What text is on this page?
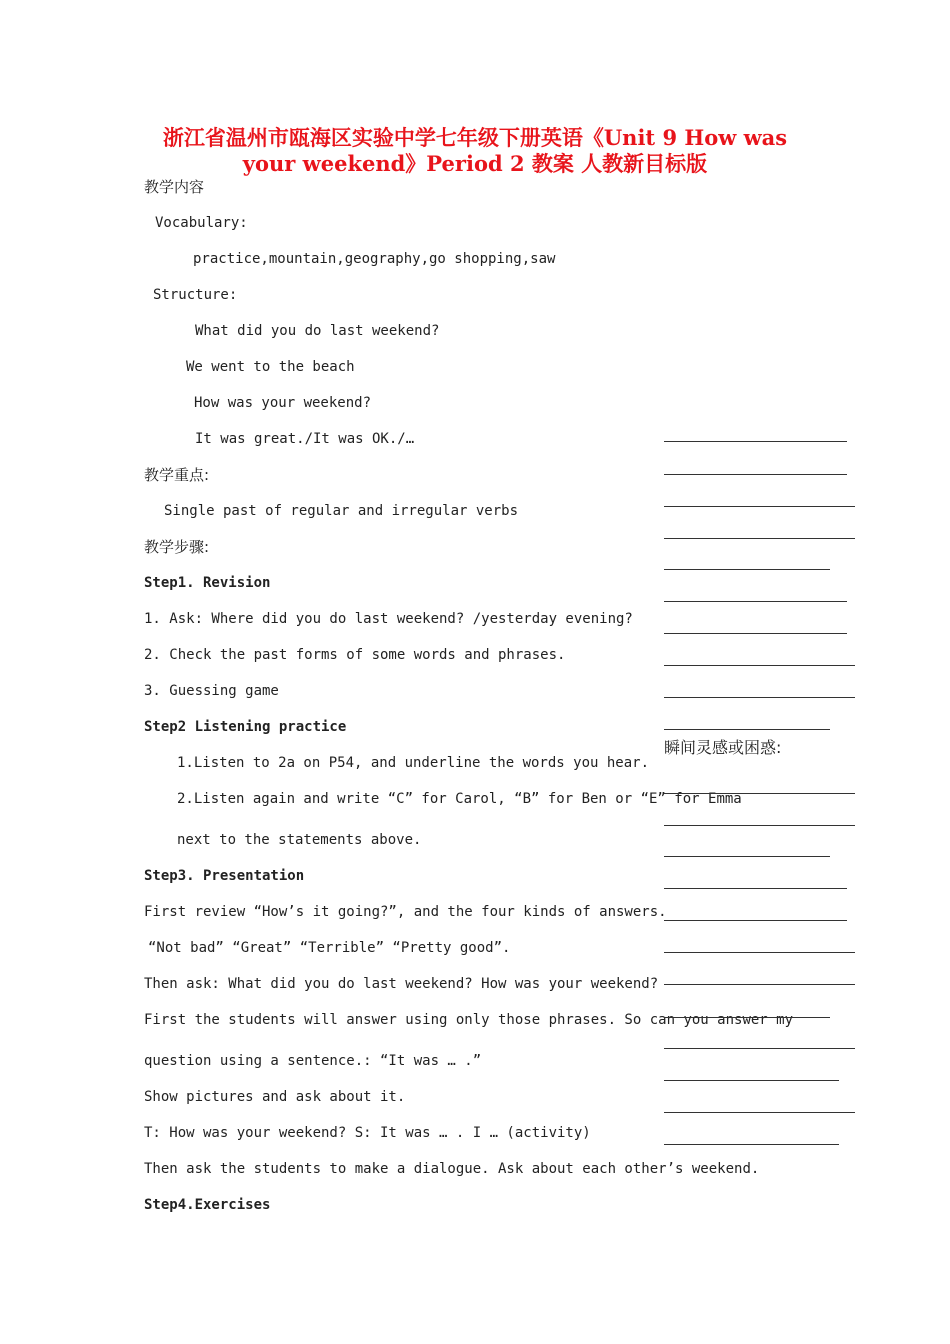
浙江省温州市瓯海区实验中学七年级下册英语《Unit 9 How was
your weekend》Period 2 教案 人教新目标版
教学内容
Vocabulary:
practice,mountain,geography,go shopping,saw
Structure:
What did you do last weekend?
We went to the beach
How was your weekend?
It was great./It was OK./…
教学重点:
Single past of regular and irregular verbs
教学步骤:
Step1. Revision
1. Ask: Where did you do last weekend? /yesterday evening?
2. Check the past forms of some words and phrases.
3. Guessing game
Step2 Listening practice
1.Listen to 2a on P54, and underline the words you hear.
2.Listen again and write “C” for Carol, “B” for Ben or “E” for Emma
next to the statements above.
Step3. Presentation
First review “How’s it going?”, and the four kinds of answers.
“Not bad” “Great” “Terrible” “Pretty good”.
Then ask: What did you do last weekend? How was your weekend?
First the students will answer using only those phrases. So can you answer my
question using a sentence.: “It was … .”
Show pictures and ask about it.
T: How was your weekend? S: It was … . I … (activity)
Then ask the students to make a dialogue. Ask about each other’s weekend.
Step4.Exercises
瞬间灵感或困惑:
